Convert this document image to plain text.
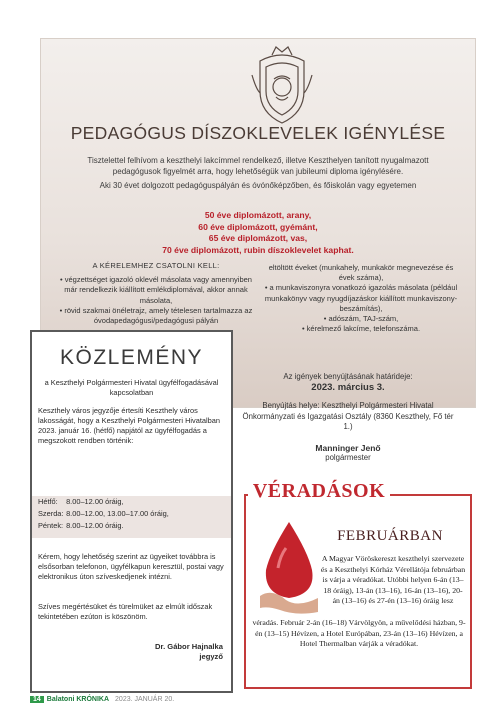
PEDAGÓGUS DÍSZOKLEVELEK IGÉNYLÉSE

Tisztelettel felhívom a keszthelyi lakcímmel rendelkező, illetve Keszthelyen tanított nyugalmazott pedagógusok figyelmét arra, hogy lehetőségük van jubileumi diploma igénylésére.

Aki 30 évet dolgozott pedagóguspályán és óvónőképzőben, és főiskolán vagy egyetemen

50 éve diplomázott, arany,
60 éve diplomázott, gyémánt,
65 éve diplomázott, vas,
70 éve diplomázott, rubin díszoklevelet kaphat.
A KÉRELEMHEZ CSATOLNI KELL:
• végzettséget igazoló oklevél másolata vagy amennyiben már rendelkezik kiállított emlékdiplomával, akkor annak másolata,
• rövid szakmai önéletrajz, amely tételesen tartalmazza az óvodapedagógusi/pedagógusi pályán
eltöltött éveket (munkahely, munkakör megnevezése és évek száma),
• a munkaviszonyra vonatkozó igazolás másolata (például munkakönyv vagy nyugdíjazáskor kiállított munkaviszony-beszámítás),
• adószám, TAJ-szám,
• kérelmező lakcíme, telefonszáma.
Az igények benyújtásának határideje:
2023. március 3.
Benyújtás helye: Keszthelyi Polgármesteri Hivatal Önkormányzati és Igazgatási Osztály (8360 Keszthely, Fő tér 1.)
Manninger Jenő
polgármester
KÖZLEMÉNY
a Keszthelyi Polgármesteri Hivatal ügyfélfogadásával kapcsolatban
Keszthely város jegyzője értesíti Keszthely város lakosságát, hogy a Keszthelyi Polgármesteri Hivatalban 2023. január 16. (hétfő) napjától az ügyfélfogadás a megszokott rendben történik:
Hétfő: 8.00–12.00 óráig,
Szerda: 8.00–12.00, 13.00–17.00 óráig,
Péntek: 8.00–12.00 óráig.
Kérem, hogy lehetőség szerint az ügyeiket továbbra is elsősorban telefonon, ügyfélkapun keresztül, postai vagy elektronikus úton szíveskedjenek intézni.
Szíves megértésüket és türelmüket az elmúlt időszak tekintetében ezúton is köszönöm.
Dr. Gábor Hajnalka
jegyző
VÉRADÁSOK
FEBRUÁRBAN
A Magyar Vöröskereszt keszthelyi szervezete és a Keszthelyi Kórház Vérellátója februárban is várja a véradókat. Utóbbi helyen 6-án (13–18 óráig), 13-án (13–16), 16-án (13–16), 20-án (13–16) és 27-én (13–16) óráig lesz
véradás. Február 2-án (16–18) Várvölgyön, a művelődési házban, 9-én (13–15) Hévízen, a Hotel Európában, 23-án (13–16) Hévízen, a Hotel Thermalban várják a véradókat.
14 Balatoni KRÓNIKA 2023. JANUÁR 20.
